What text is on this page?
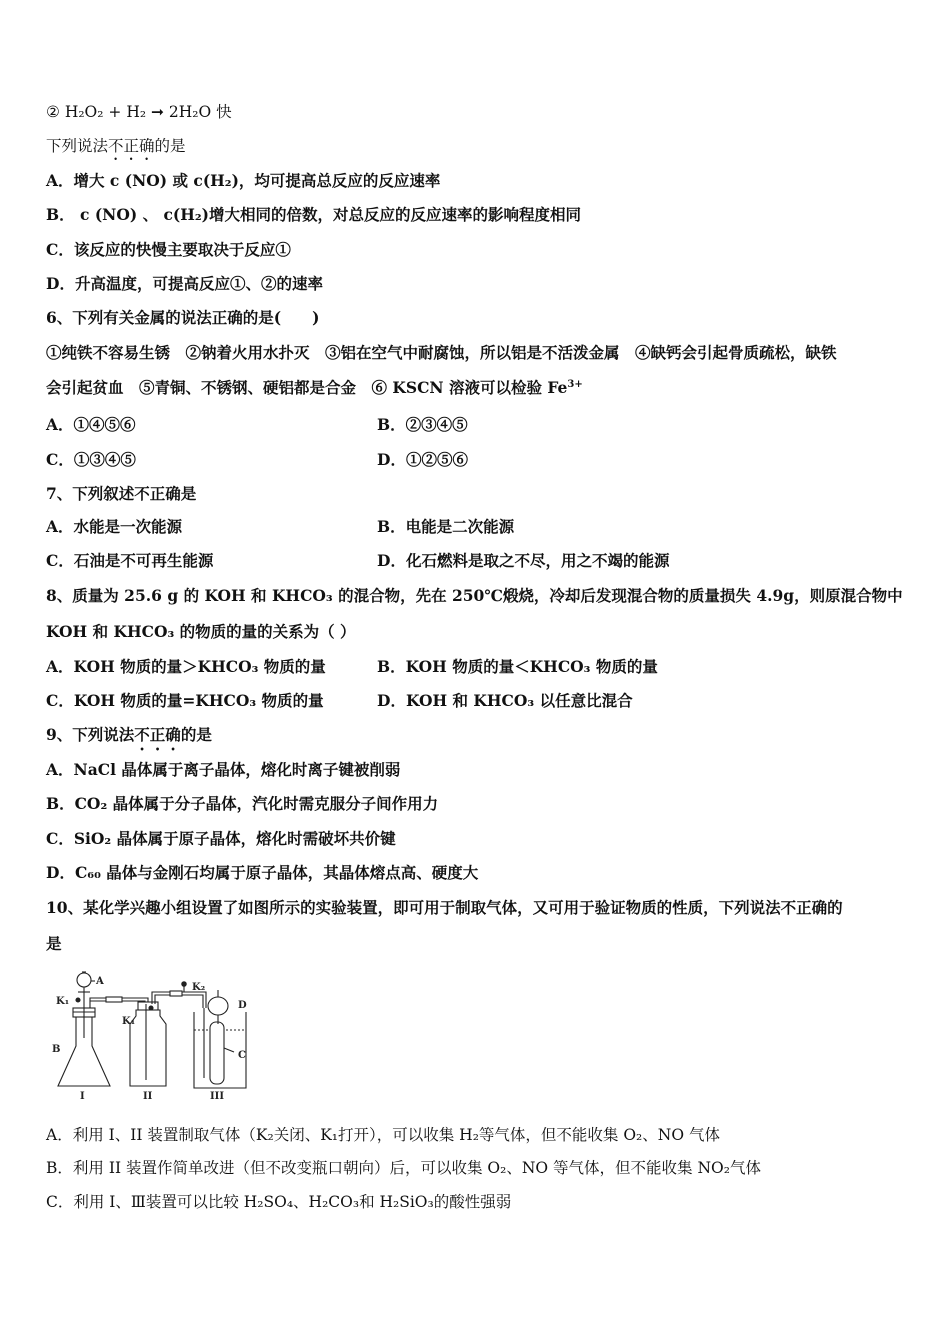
② H₂O₂ + H₂ ➞ 2H₂O 快
下列说法不正确的是
A．增大 c (NO) 或 c(H₂)，均可提高总反应的反应速率
B． c (NO) 、 c(H₂)增大相同的倍数，对总反应的反应速率的影响程度相同
C．该反应的快慢主要取决于反应①
D．升高温度，可提高反应①、②的速率
6、下列有关金属的说法正确的是(　　)
①纯铁不容易生锈　②钠着火用水扑灭　③铝在空气中耐腐蚀，所以铝是不活泼金属　④缺钙会引起骨质疏松，缺铁
会引起贫血　⑤青铜、不锈钢、硬铝都是合金　⑥ KSCN 溶液可以检验 $Fe^{3+}$
A．①④⑤⑥	B．②③④⑤
C．①③④⑤	D．①②⑤⑥
7、下列叙述不正确是
A．水能是一次能源	B．电能是二次能源
C．石油是不可再生能源	D．化石燃料是取之不尽，用之不竭的能源
8、质量为 25.6 g 的 KOH 和 KHCO₃ 的混合物，先在 250℃煅烧，冷却后发现混合物的质量损失 4.9g，则原混合物中
KOH 和 KHCO₃ 的物质的量的关系为（ ）
A．KOH 物质的量＞KHCO₃ 物质的量	B．KOH 物质的量＜KHCO₃ 物质的量
C．KOH 物质的量=KHCO₃ 物质的量	D．KOH 和 KHCO₃ 以任意比混合
9、下列说法不正确的是
A．NaCl 晶体属于离子晶体，熔化时离子键被削弱
B．CO₂ 晶体属于分子晶体，汽化时需克服分子间作用力
C．SiO₂ 晶体属于原子晶体，熔化时需破坏共价键
D．C₆₀ 晶体与金刚石均属于原子晶体，其晶体熔点高、硬度大
10、某化学兴趣小组设置了如图所示的实验装置，即可用于制取气体，又可用于验证物质的性质，下列说法不正确的
是
A
B
K₁
K₁
K₂
D
C
I	II	III
A．利用 I、II 装置制取气体（K₂关闭、K₁打开），可以收集 H₂等气体，但不能收集 O₂、NO 气体
B．利用 II 装置作简单改进（但不改变瓶口朝向）后，可以收集 O₂、NO 等气体，但不能收集 NO₂气体
C．利用 I、Ⅲ装置可以比较 H₂SO₄、H₂CO₃和 H₂SiO₃的酸性强弱
